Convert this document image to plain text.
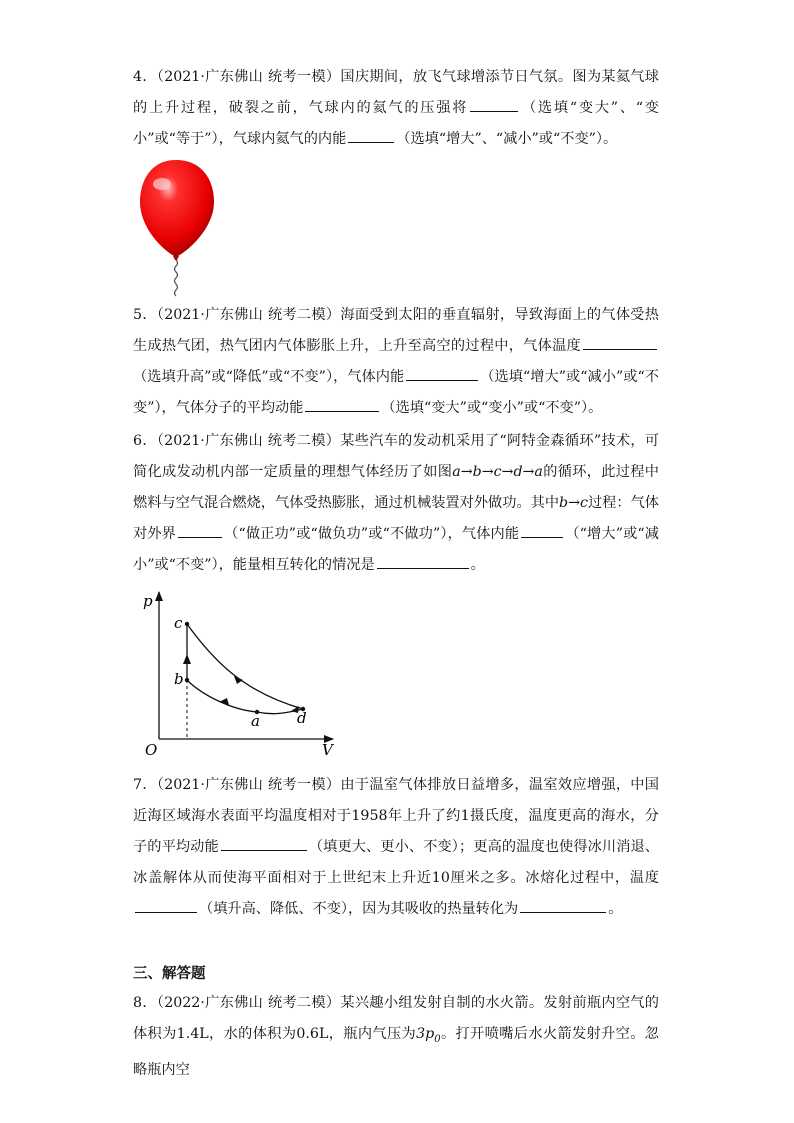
4．（2021·广东佛山 统考一模）国庆期间，放飞气球增添节日气氛。图为某氦气球的上升过程，破裂之前，气球内的氦气的压强将	（选填“变大”、“变小”或“等于”），气球内氦气的内能	（选填“增大”、“减小”或“不变”）。
5．（2021·广东佛山 统考二模）海面受到太阳的垂直辐射，导致海面上的气体受热生成热气团，热气团内气体膨胀上升，上升至高空的过程中，气体温度（选填升高”或“降低”或“不变”），气体内能	（选填“增大”或“减小”或“不变”），气体分子的平均动能	（选填“变大”或“变小”或“不变”）。
6．（2021·广东佛山 统考二模）某些汽车的发动机采用了“阿特金森循环”技术，可简化成发动机内部一定质量的理想气体经历了如图a→b→c→d→a的循环，此过程中燃料与空气混合燃烧，气体受热膨胀，通过机械装置对外做功。其中b→c过程：气体对外界	（“做正功”或“做负功”或“不做功”），气体内能	（“增大”或“减小”或“不变”），能量相互转化的情况是	。
p
V
O
c
b
a d
7．（2021·广东佛山 统考一模）由于温室气体排放日益增多，温室效应增强，中国近海区域海水表面平均温度相对于1958年上升了约1摄氏度，温度更高的海水，分子的平均动能	（填更大、更小、不变）；更高的温度也使得冰川消退、冰盖解体从而使海平面相对于上世纪末上升近10厘米之多。冰熔化过程中，温度（填升高、降低、不变），因为其吸收的热量转化为	。
三、解答题
8．（2022·广东佛山 统考二模）某兴趣小组发射自制的水火箭。发射前瓶内空气的体积为1.4L，水的体积为0.6L，瓶内气压为$3p_0$。打开喷嘴后水火箭发射升空。忽略瓶内空
